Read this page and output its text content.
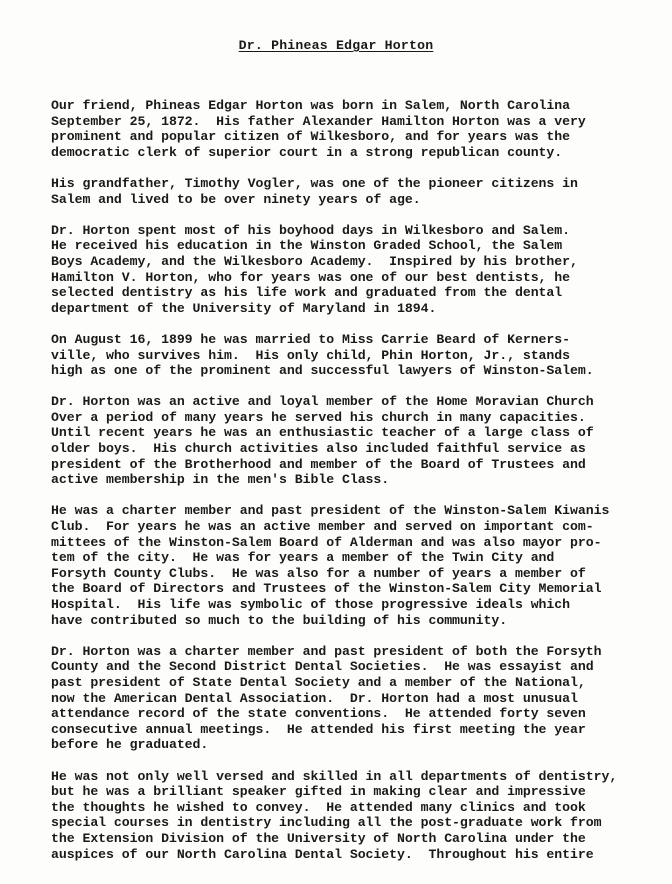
Dr. Phineas Edgar Horton
Our friend, Phineas Edgar Horton was born in Salem, North Carolina
September 25, 1872.  His father Alexander Hamilton Horton was a very
prominent and popular citizen of Wilkesboro, and for years was the
democratic clerk of superior court in a strong republican county.
His grandfather, Timothy Vogler, was one of the pioneer citizens in
Salem and lived to be over ninety years of age.
Dr. Horton spent most of his boyhood days in Wilkesboro and Salem.
He received his education in the Winston Graded School, the Salem
Boys Academy, and the Wilkesboro Academy.  Inspired by his brother,
Hamilton V. Horton, who for years was one of our best dentists, he
selected dentistry as his life work and graduated from the dental
department of the University of Maryland in 1894.
On August 16, 1899 he was married to Miss Carrie Beard of Kerners-
ville, who survives him.  His only child, Phin Horton, Jr., stands
high as one of the prominent and successful lawyers of Winston-Salem.
Dr. Horton was an active and loyal member of the Home Moravian Church
Over a period of many years he served his church in many capacities.
Until recent years he was an enthusiastic teacher of a large class of
older boys.  His church activities also included faithful service as
president of the Brotherhood and member of the Board of Trustees and
active membership in the men's Bible Class.
He was a charter member and past president of the Winston-Salem Kiwanis
Club.  For years he was an active member and served on important com-
mittees of the Winston-Salem Board of Alderman and was also mayor pro-
tem of the city.  He was for years a member of the Twin City and
Forsyth County Clubs.  He was also for a number of years a member of
the Board of Directors and Trustees of the Winston-Salem City Memorial
Hospital.  His life was symbolic of those progressive ideals which
have contributed so much to the building of his community.
Dr. Horton was a charter member and past president of both the Forsyth
County and the Second District Dental Societies.  He was essayist and
past president of State Dental Society and a member of the National,
now the American Dental Association.  Dr. Horton had a most unusual
attendance record of the state conventions.  He attended forty seven
consecutive annual meetings.  He attended his first meeting the year
before he graduated.
He was not only well versed and skilled in all departments of dentistry,
but he was a brilliant speaker gifted in making clear and impressive
the thoughts he wished to convey.  He attended many clinics and took
special courses in dentistry including all the post-graduate work from
the Extension Division of the University of North Carolina under the
auspices of our North Carolina Dental Society.  Throughout his entire
